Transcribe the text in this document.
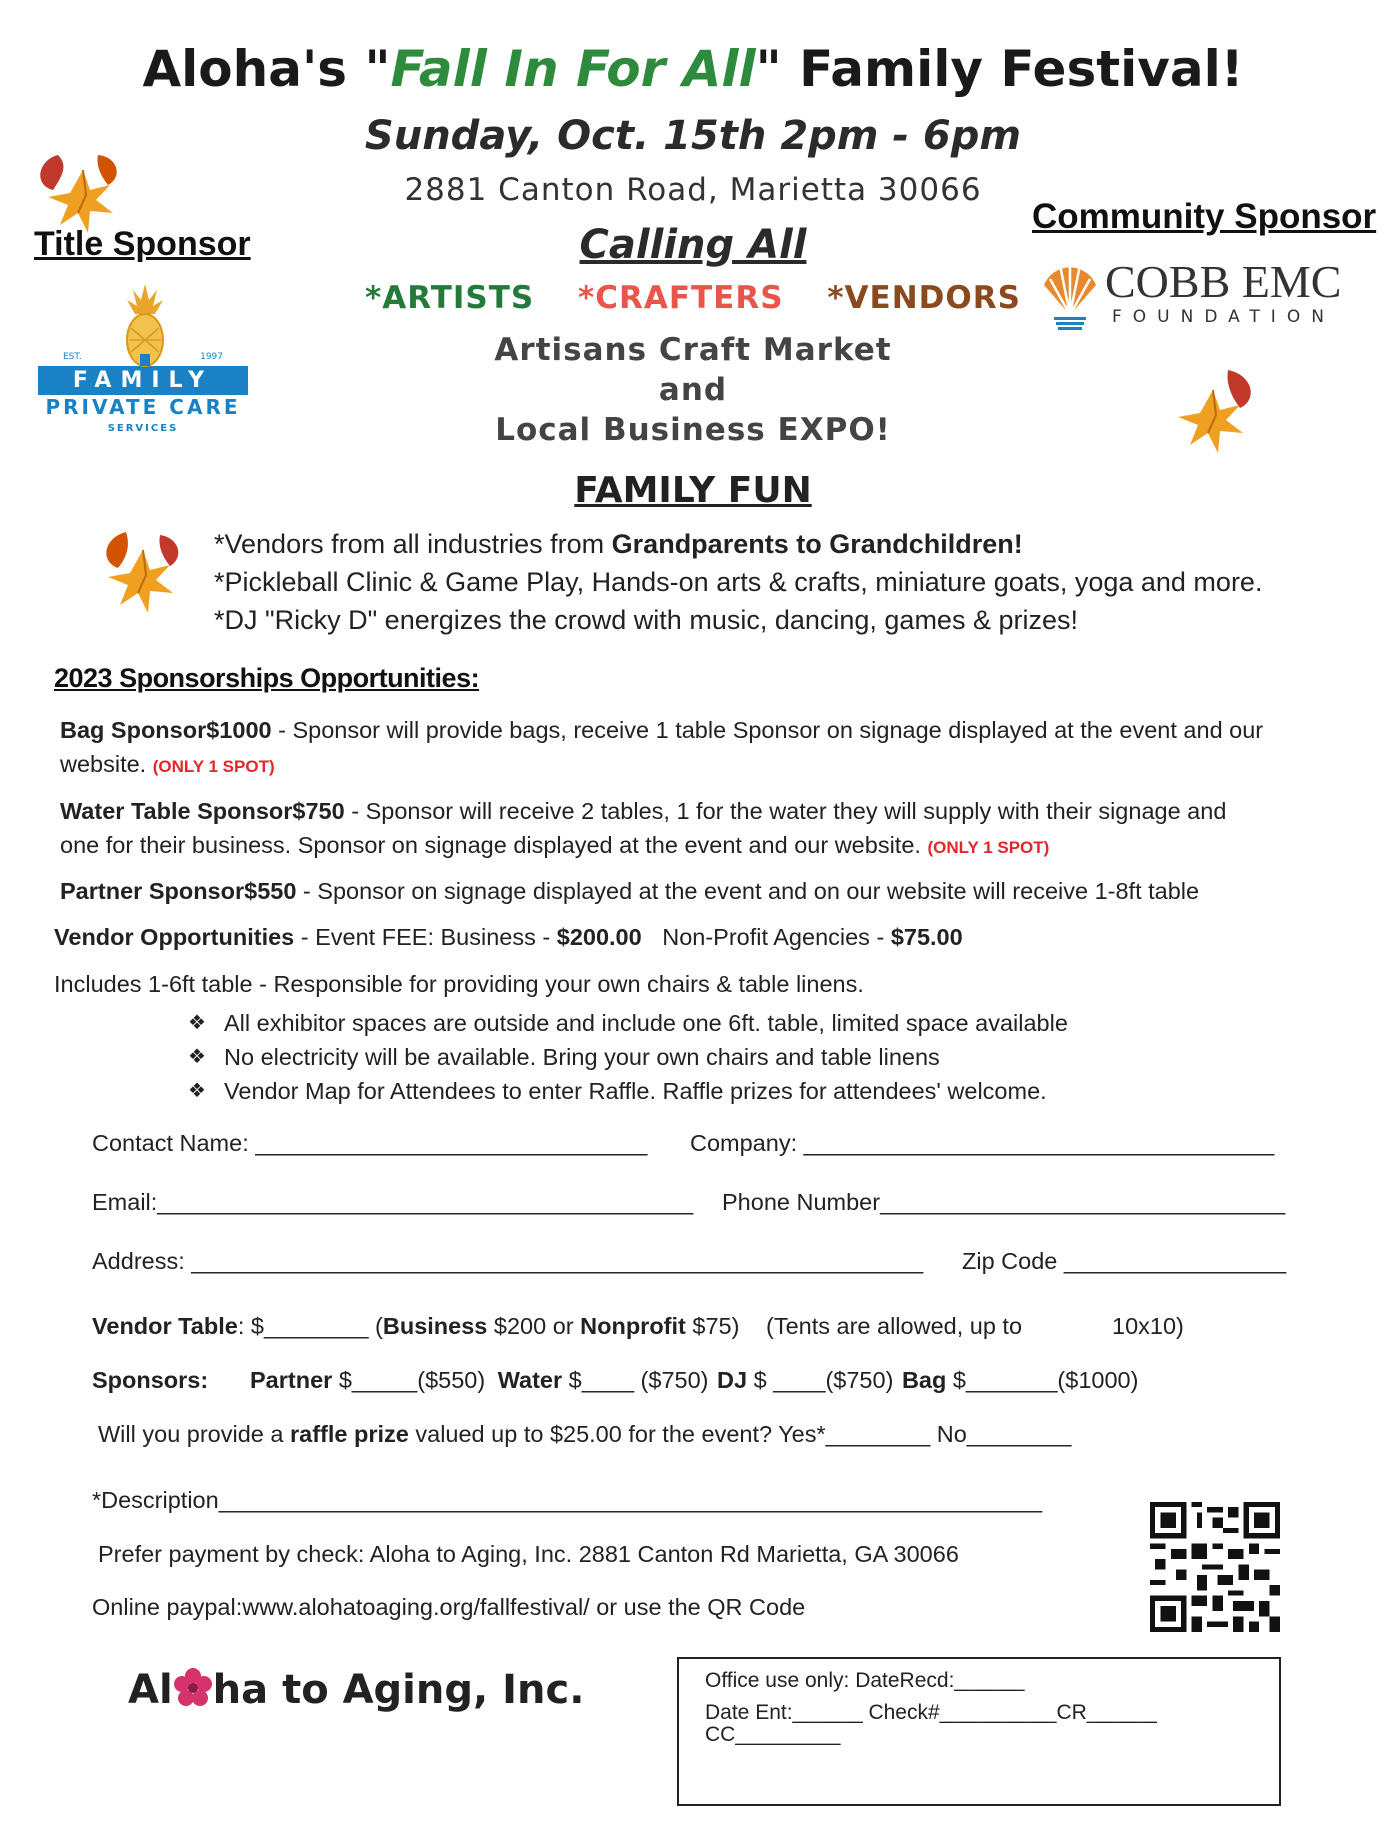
Aloha's "Fall In For All" Family Festival!
Sunday, Oct. 15th 2pm - 6pm
2881 Canton Road, Marietta 30066
Calling All
*ARTISTS *CRAFTERS *VENDORS
Artisans Craft Market
and
Local Business EXPO!
FAMILY FUN
Title Sponsor
EST.	1997
FAMILY
PRIVATE CARE
SERVICES
Community Sponsor
COBB EMC
FOUNDATION
*Vendors from all industries from Grandparents to Grandchildren!
*Pickleball Clinic & Game Play, Hands-on arts & crafts, miniature goats, yoga and more.
*DJ "Ricky D" energizes the crowd with music, dancing, games & prizes!
2023 Sponsorships Opportunities:
Bag Sponsor$1000 - Sponsor will provide bags, receive 1 table Sponsor on signage displayed at the event and our
website. (ONLY 1 SPOT)
Water Table Sponsor$750 - Sponsor will receive 2 tables, 1 for the water they will supply with their signage and
one for their business. Sponsor on signage displayed at the event and our website. (ONLY 1 SPOT)
Partner Sponsor$550 - Sponsor on signage displayed at the event and on our website will receive 1-8ft table
Vendor Opportunities - Event FEE: Business - $200.00 Non-Profit Agencies - $75.00
Includes 1-6ft table - Responsible for providing your own chairs & table linens.
❖ All exhibitor spaces are outside and include one 6ft. table, limited space available
❖ No electricity will be available. Bring your own chairs and table linens
❖ Vendor Map for Attendees to enter Raffle. Raffle prizes for attendees' welcome.
Contact Name: ______________________________ Company: ____________________________________
Email:_________________________________________ Phone Number_______________________________
Address: ________________________________________________________ Zip Code _________________
Vendor Table: $________ (Business $200 or Nonprofit $75) (Tents are allowed, up to	10x10)
Sponsors: Partner $_____($550) Water $____ ($750) DJ $ ____($750) Bag $_______($1000)
Will you provide a raffle prize valued up to $25.00 for the event? Yes*________ No________
*Description_______________________________________________________________
Prefer payment by check: Aloha to Aging, Inc. 2881 Canton Rd Marietta, GA 30066
Online paypal:www.alohatoaging.org/fallfestival/ or use the QR Code
Al ha to Aging, Inc.	Office use only: DateRecd:______
Date Ent:______ Check#__________CR______
CC_________
